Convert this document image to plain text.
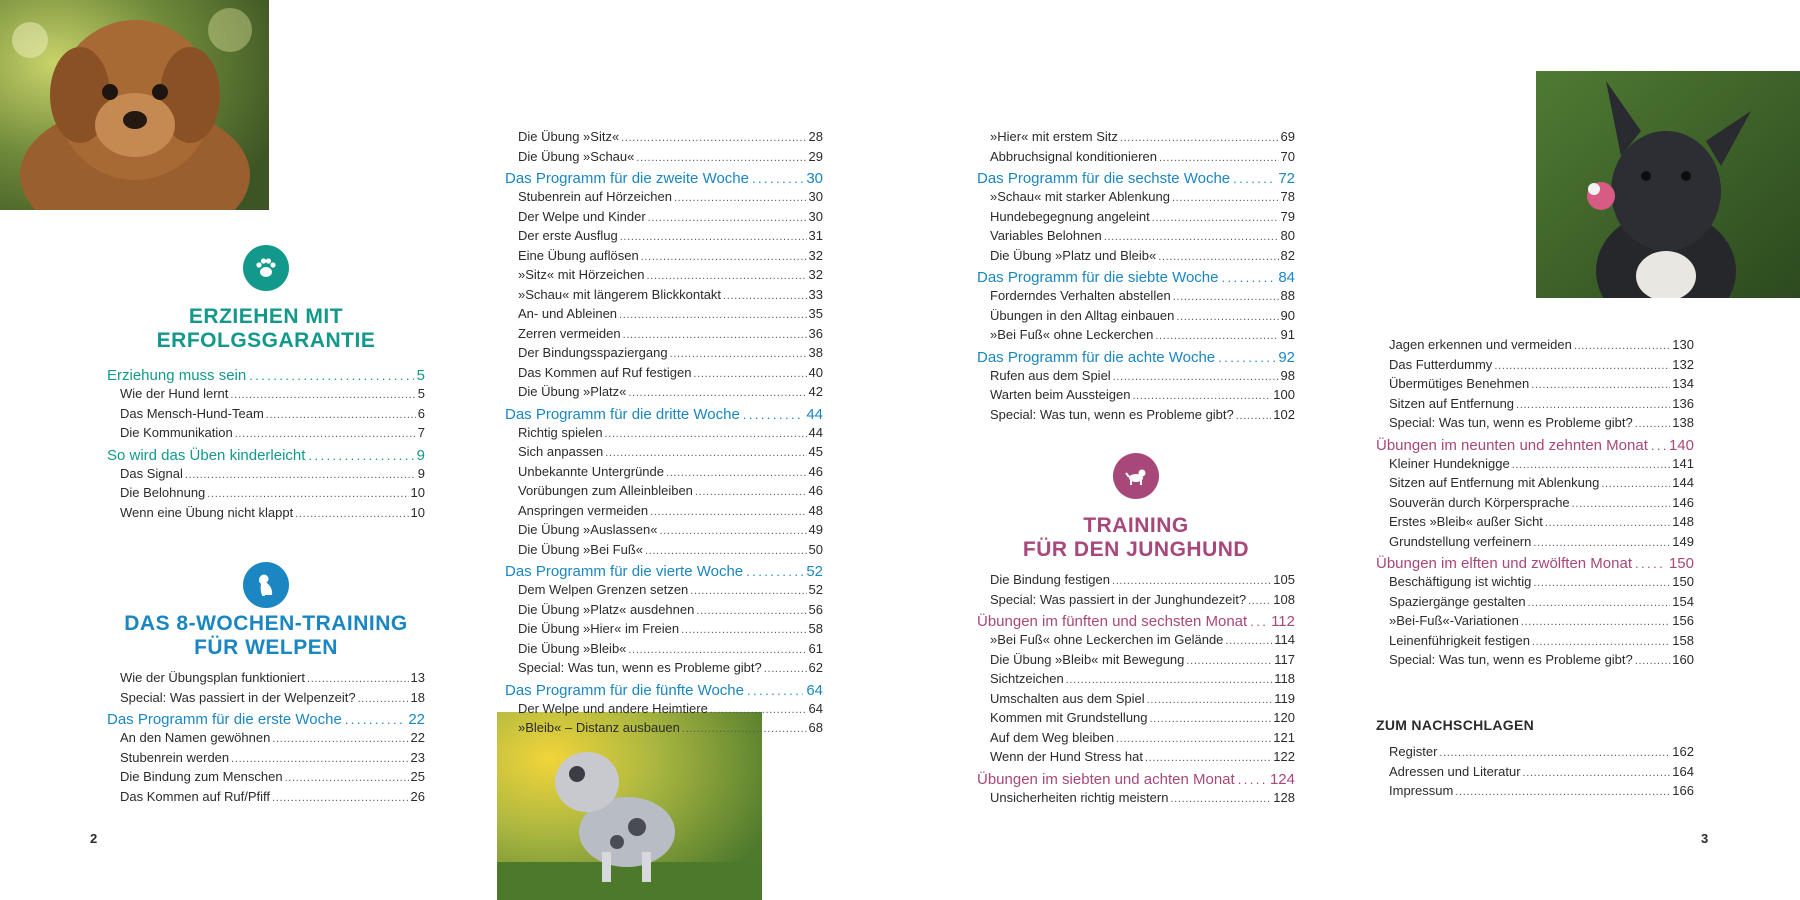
ERZIEHEN MIT
ERFOLGSGARANTIE
Erziehung muss sein . . .	5
Wie der Hund lernt . . .	5
Das Mensch-Hund-Team . . .	6
Die Kommunikation . . .	7
So wird das Üben kinderleicht . . .	9
Das Signal . . .	9
Die Belohnung . . .	10
Wenn eine Übung nicht klappt . . .	10
DAS 8-WOCHEN-TRAINING
FÜR WELPEN
Wie der Übungsplan funktioniert . . .	13
Special: Was passiert in der Welpenzeit? . . .	18
Das Programm für die erste Woche . . .	22
An den Namen gewöhnen . . .	22
Stubenrein werden . . .	23
Die Bindung zum Menschen . . .	25
Das Kommen auf Ruf/Pfiff . . .	26
2
Die Übung »Sitz« . . .	28
Die Übung »Schau« . . .	29
Das Programm für die zweite Woche . . .	30
Stubenrein auf Hörzeichen . . .	30
Der Welpe und Kinder . . .	30
Der erste Ausflug . . .	31
Eine Übung auflösen . . .	32
»Sitz« mit Hörzeichen . . .	32
»Schau« mit längerem Blickkontakt . . .	33
An- und Ableinen . . .	35
Zerren vermeiden . . .	36
Der Bindungsspaziergang . . .	38
Das Kommen auf Ruf festigen . . .	40
Die Übung »Platz« . . .	42
Das Programm für die dritte Woche . . .	44
Richtig spielen . . .	44
Sich anpassen . . .	45
Unbekannte Untergründe . . .	46
Vorübungen zum Alleinbleiben . . .	46
Anspringen vermeiden . . .	48
Die Übung »Auslassen« . . .	49
Die Übung »Bei Fuß« . . .	50
Das Programm für die vierte Woche . . .	52
Dem Welpen Grenzen setzen . . .	52
Die Übung »Platz« ausdehnen . . .	56
Die Übung »Hier« im Freien . . .	58
Die Übung »Bleib« . . .	61
Special: Was tun, wenn es Probleme gibt? . . .	62
Das Programm für die fünfte Woche . . .	64
Der Welpe und andere Heimtiere . . .	64
»Bleib« – Distanz ausbauen . . .	68
»Hier« mit erstem Sitz . . .	69
Abbruchsignal konditionieren . . .	70
Das Programm für die sechste Woche . . .	72
»Schau« mit starker Ablenkung . . .	78
Hundebegegnung angeleint . . .	79
Variables Belohnen . . .	80
Die Übung »Platz und Bleib« . . .	82
Das Programm für die siebte Woche . . .	84
Forderndes Verhalten abstellen . . .	88
Übungen in den Alltag einbauen . . .	90
»Bei Fuß« ohne Leckerchen . . .	91
Das Programm für die achte Woche . . .	92
Rufen aus dem Spiel . . .	98
Warten beim Aussteigen . . .	100
Special: Was tun, wenn es Probleme gibt? . . .	102
TRAINING
FÜR DEN JUNGHUND
Die Bindung festigen . . .	105
Special: Was passiert in der Junghundezeit? . . . 108
Übungen im fünften und sechsten Monat . . . 112
»Bei Fuß« ohne Leckerchen im Gelände . . .	114
Die Übung »Bleib« mit Bewegung . . .	117
Sichtzeichen . . .	118
Umschalten aus dem Spiel . . .	119
Kommen mit Grundstellung . . .	120
Auf dem Weg bleiben . . .	121
Wenn der Hund Stress hat . . .	122
Übungen im siebten und achten Monat . . . 124
Unsicherheiten richtig meistern . . .	128
Jagen erkennen und vermeiden . . .	130
Das Futterdummy . . .	132
Übermütiges Benehmen . . .	134
Sitzen auf Entfernung . . .	136
Special: Was tun, wenn es Probleme gibt? . . .	138
Übungen im neunten und zehnten Monat . . . 140
Kleiner Hundeknigge . . .	141
Sitzen auf Entfernung mit Ablenkung . . .	144
Souverän durch Körpersprache . . .	146
Erstes »Bleib« außer Sicht . . .	148
Grundstellung verfeinern . . .	149
Übungen im elften und zwölften Monat . . . 150
Beschäftigung ist wichtig . . .	150
Spaziergänge gestalten . . .	154
»Bei-Fuß«-Variationen . . .	156
Leinenführigkeit festigen . . .	158
Special: Was tun, wenn es Probleme gibt? . . .	160
ZUM NACHSCHLAGEN
Register . . .	162
Adressen und Literatur . . .	164
Impressum . . .	166
3
